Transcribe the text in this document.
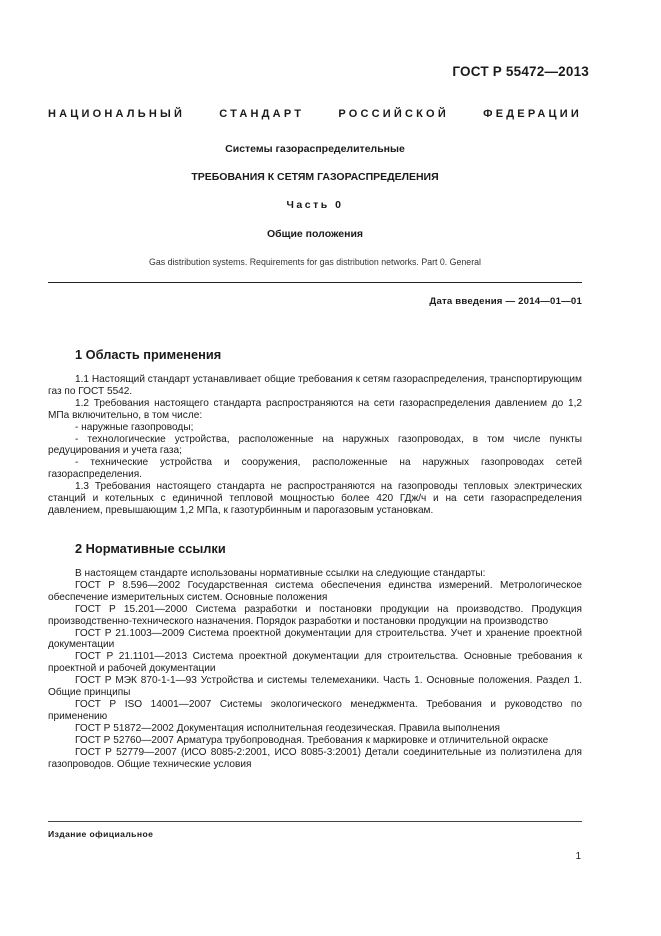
ГОСТ Р 55472—2013
НАЦИОНАЛЬНЫЙ СТАНДАРТ РОССИЙСКОЙ ФЕДЕРАЦИИ
Системы газораспределительные
ТРЕБОВАНИЯ К СЕТЯМ ГАЗОРАСПРЕДЕЛЕНИЯ
Часть 0
Общие положения
Gas distribution systems. Requirements for gas distribution networks. Part 0. General
Дата введения — 2014—01—01
1 Область применения

1.1 Настоящий стандарт устанавливает общие требования к сетям газораспределения, транспортирующим газ по ГОСТ 5542.

1.2 Требования настоящего стандарта распространяются на сети газораспределения давлением до 1,2 МПа включительно, в том числе:

- наружные газопроводы;

- технологические устройства, расположенные на наружных газопроводах, в том числе пункты редуцирования и учета газа;

- технические устройства и сооружения, расположенные на наружных газопроводах сетей газораспределения.

1.3 Требования настоящего стандарта не распространяются на газопроводы тепловых электрических станций и котельных с единичной тепловой мощностью более 420 ГДж/ч и на сети газораспределения давлением, превышающим 1,2 МПа, к газотурбинным и парогазовым установкам.

2 Нормативные ссылки

В настоящем стандарте использованы нормативные ссылки на следующие стандарты:

ГОСТ Р 8.596—2002 Государственная система обеспечения единства измерений. Метрологическое обеспечение измерительных систем. Основные положения

ГОСТ Р 15.201—2000 Система разработки и постановки продукции на производство. Продукция производственно-технического назначения. Порядок разработки и постановки продукции на производство

ГОСТ Р 21.1003—2009 Система проектной документации для строительства. Учет и хранение проектной документации

ГОСТ Р 21.1101—2013 Система проектной документации для строительства. Основные требования к проектной и рабочей документации

ГОСТ Р МЭК 870-1-1—93 Устройства и системы телемеханики. Часть 1. Основные положения. Раздел 1. Общие принципы

ГОСТ Р ISO 14001—2007 Системы экологического менеджмента. Требования и руководство по применению

ГОСТ Р 51872—2002 Документация исполнительная геодезическая. Правила выполнения

ГОСТ Р 52760—2007 Арматура трубопроводная. Требования к маркировке и отличительной окраске

ГОСТ Р 52779—2007 (ИСО 8085-2:2001, ИСО 8085-3:2001) Детали соединительные из полиэтилена для газопроводов. Общие технические условия

Издание официальное
1
